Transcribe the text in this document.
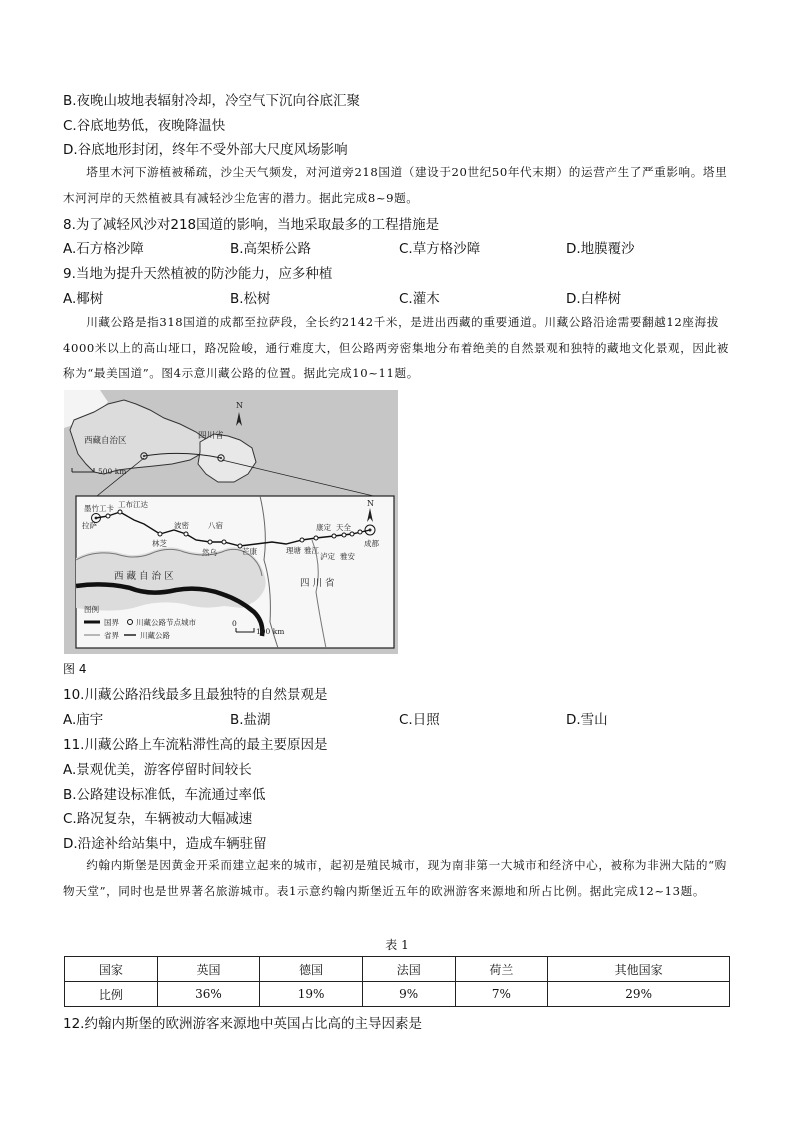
B.夜晚山坡地表辐射冷却，冷空气下沉向谷底汇聚
C.谷底地势低，夜晚降温快
D.谷底地形封闭，终年不受外部大尺度风场影响
塔里木河下游植被稀疏，沙尘天气频发，对河道旁218国道（建设于20世纪50年代末期）的运营产生了严重影响。塔里木河河岸的天然植被具有减轻沙尘危害的潜力。据此完成8~9题。
8.为了减轻风沙对218国道的影响，当地采取最多的工程措施是
A.石方格沙障	B.高架桥公路	C.草方格沙障	D.地膜覆沙
9.当地为提升天然植被的防沙能力，应多种植
A.椰树	B.松树	C.灌木	D.白桦树
川藏公路是指318国道的成都至拉萨段，全长约2142千米，是进出西藏的重要通道。川藏公路沿途需要翻越12座海拔4000米以上的高山垭口，路况险峻，通行难度大，但公路两旁密集地分布着绝美的自然景观和独特的藏地文化景观，因此被称为“最美国道”。图4示意川藏公路的位置。据此完成10~11题。
西藏自治区	四川省
N
500 km
拉萨
墨竹工卡 工布江达
林芝
波密	八宿
然乌	芒康	理塘 雅江
康定 天全
泸定 雅安
成都
N
西 藏 自 治 区
四 川 省
图例
国界 川藏公路节点城市
省界	川藏公路
0
100 km
图 4
10.川藏公路沿线最多且最独特的自然景观是
A.庙宇	B.盐湖	C.日照	D.雪山
11.川藏公路上车流粘滞性高的最主要原因是
A.景观优美，游客停留时间较长
B.公路建设标准低，车流通过率低
C.路况复杂，车辆被动大幅减速
D.沿途补给站集中，造成车辆驻留
约翰内斯堡是因黄金开采而建立起来的城市，起初是殖民城市，现为南非第一大城市和经济中心，被称为非洲大陆的“购物天堂”，同时也是世界著名旅游城市。表1示意约翰内斯堡近五年的欧洲游客来源地和所占比例。据此完成12~13题。
表 1
国家	英国	德国	法国	荷兰	其他国家
比例	36%	19%	9%	7%	29%
12.约翰内斯堡的欧洲游客来源地中英国占比高的主导因素是
